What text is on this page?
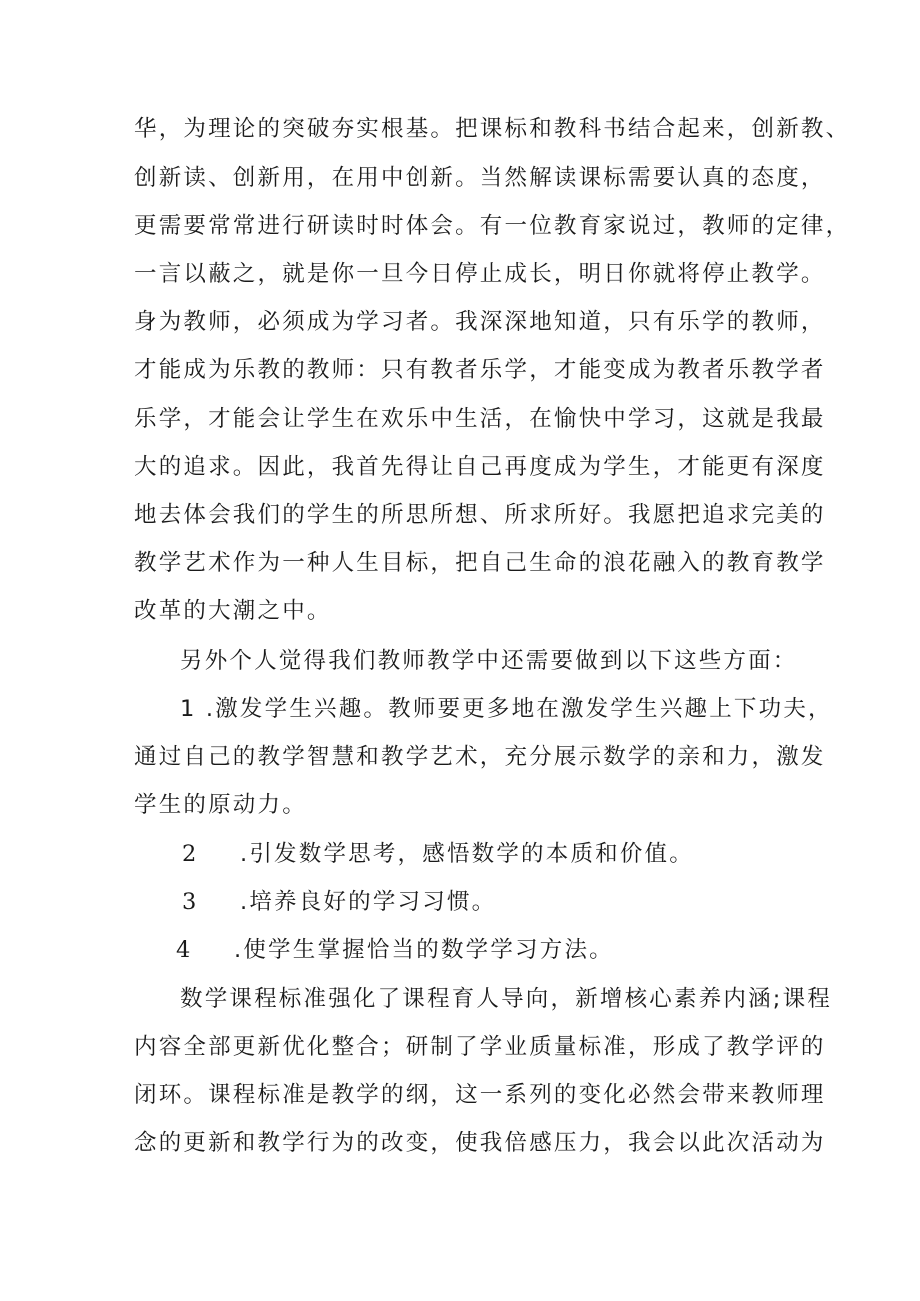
华，为理论的突破夯实根基。把课标和教科书结合起来，创新教、
创新读、创新用，在用中创新。当然解读课标需要认真的态度，
更需要常常进行研读时时体会。有一位教育家说过，教师的定律，
一言以蔽之，就是你一旦今日停止成长，明日你就将停止教学。
身为教师，必须成为学习者。我深深地知道，只有乐学的教师，
才能成为乐教的教师：只有教者乐学，才能变成为教者乐教学者
乐学，才能会让学生在欢乐中生活，在愉快中学习，这就是我最
大的追求。因此，我首先得让自己再度成为学生，才能更有深度
地去体会我们的学生的所思所想、所求所好。我愿把追求完美的
教学艺术作为一种人生目标，把自己生命的浪花融入的教育教学
改革的大潮之中。
另外个人觉得我们教师教学中还需要做到以下这些方面：
1 .激发学生兴趣。教师要更多地在激发学生兴趣上下功夫，
通过自己的教学智慧和教学艺术，充分展示数学的亲和力，激发
学生的原动力。
2 .引发数学思考，感悟数学的本质和价值。
3 .培养良好的学习习惯。
4 .使学生掌握恰当的数学学习方法。
数学课程标准强化了课程育人导向，新增核心素养内涵;课程
内容全部更新优化整合；研制了学业质量标准，形成了教学评的
闭环。课程标准是教学的纲，这一系列的变化必然会带来教师理
念的更新和教学行为的改变，使我倍感压力，我会以此次活动为
